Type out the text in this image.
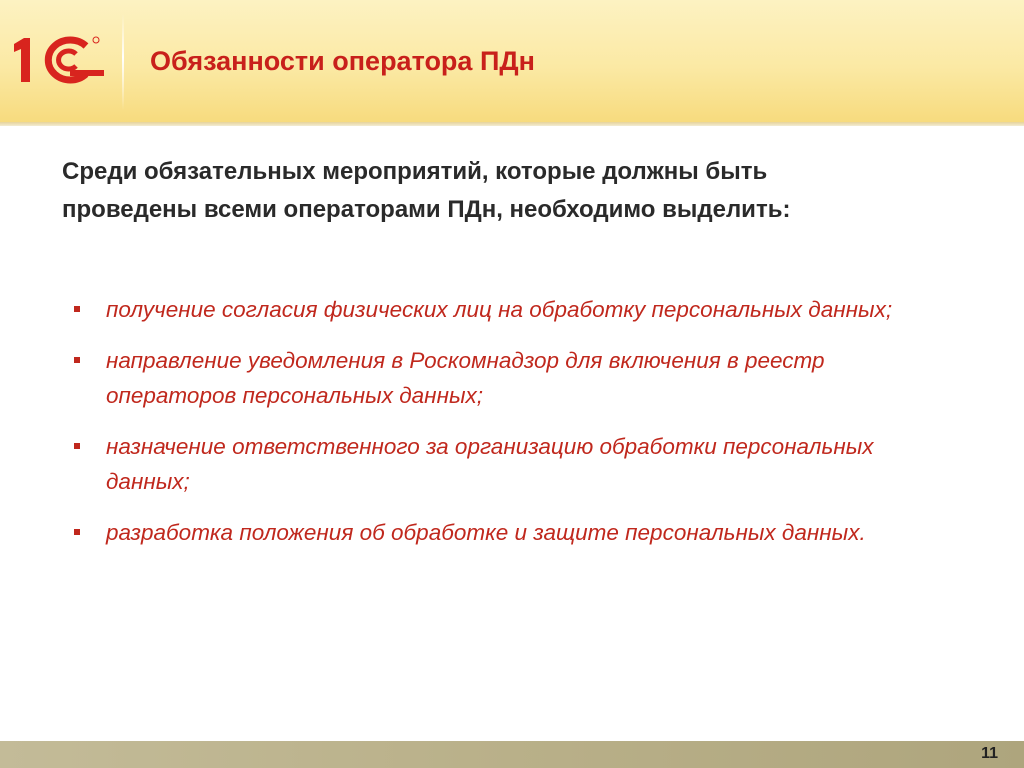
Обязанности оператора ПДн

Среди обязательных мероприятий, которые должны быть проведены всеми операторами ПДн, необходимо выделить:

получение согласия физических лиц на обработку персональных данных;
направление уведомления в Роскомнадзор для включения в реестр операторов персональных данных;
назначение ответственного за организацию обработки персональных данных;
разработка положения об обработке и защите персональных данных.
11
